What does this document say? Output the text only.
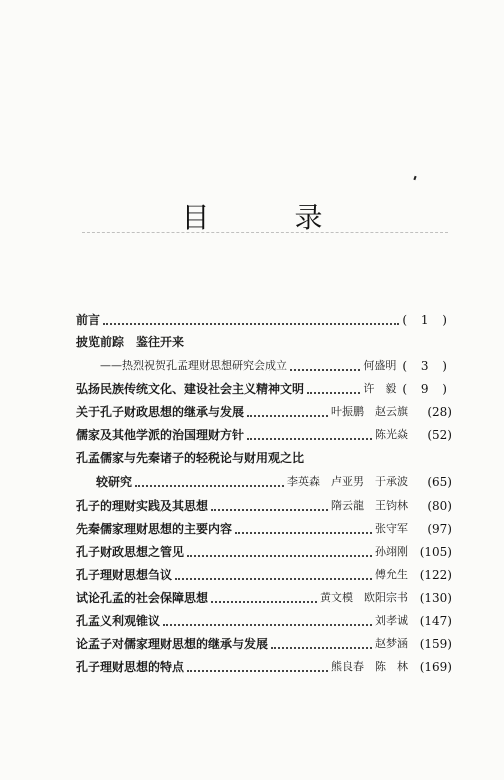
目 录
前言	( 1 )
披览前踪　鉴往开来
——热烈祝贺孔孟理财思想研究会成立	何盛明 ( 3 )
弘扬民族传统文化、建设社会主义精神文明	许　毅 ( 9 )
关于孔子财政思想的继承与发展	叶振鹏　赵云旗	(28)
儒家及其他学派的治国理财方针	陈光焱	(52)
孔孟儒家与先秦诸子的轻税论与财用观之比
较研究	李英森　卢亚男　于承波	(65)
孔子的理财实践及其思想	隋云龍　王钧林	(80)
先秦儒家理财思想的主要内容	张守军	(97)
孔子财政思想之管见	孙翊刚 (105)
孔子理财思想刍议	傅允生 (122)
试论孔孟的社会保障思想	黄文模　欧阳宗书 (130)
孔孟义利观锥议	刘孝诚 (147)
论孟子对儒家理财思想的继承与发展	赵梦涵 (159)
孔子理财思想的特点	熊良春　陈　林 (169)
